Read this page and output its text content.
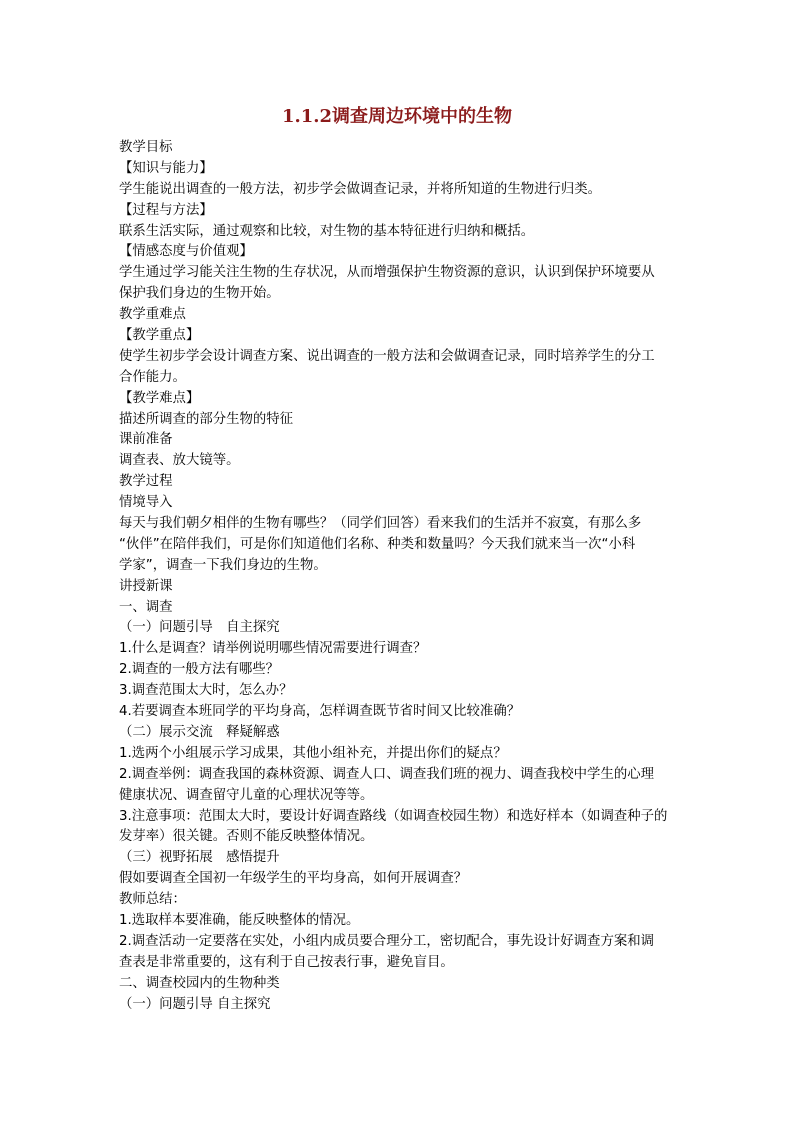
1.1.2调查周边环境中的生物
教学目标
【知识与能力】
学生能说出调查的一般方法，初步学会做调查记录，并将所知道的生物进行归类。
【过程与方法】
联系生活实际，通过观察和比较，对生物的基本特征进行归纳和概括。
【情感态度与价值观】
学生通过学习能关注生物的生存状况，从而增强保护生物资源的意识，认识到保护环境要从
保护我们身边的生物开始。
教学重难点
【教学重点】
使学生初步学会设计调查方案、说出调查的一般方法和会做调查记录，同时培养学生的分工
合作能力。
【教学难点】
描述所调查的部分生物的特征
课前准备
调查表、放大镜等。
教学过程
情境导入
每天与我们朝夕相伴的生物有哪些？（同学们回答）看来我们的生活并不寂寞，有那么多
“伙伴”在陪伴我们，可是你们知道他们名称、种类和数量吗？今天我们就来当一次“小科
学家”，调查一下我们身边的生物。
讲授新课
一、调查
（一）问题引导　自主探究
1.什么是调查？请举例说明哪些情况需要进行调查？
2.调查的一般方法有哪些？
3.调查范围太大时，怎么办？
4.若要调查本班同学的平均身高，怎样调查既节省时间又比较准确？
（二）展示交流　释疑解惑
1.选两个小组展示学习成果，其他小组补充，并提出你们的疑点？
2.调查举例：调查我国的森林资源、调查人口、调查我们班的视力、调查我校中学生的心理
健康状况、调查留守儿童的心理状况等等。
3.注意事项：范围太大时，要设计好调查路线（如调查校园生物）和选好样本（如调查种子的
发芽率）很关键。否则不能反映整体情况。
（三）视野拓展　感悟提升
假如要调查全国初一年级学生的平均身高，如何开展调查？
教师总结：
1.选取样本要准确，能反映整体的情况。
2.调查活动一定要落在实处，小组内成员要合理分工，密切配合，事先设计好调查方案和调
查表是非常重要的，这有利于自己按表行事，避免盲目。
二、调查校园内的生物种类
（一）问题引导 自主探究
